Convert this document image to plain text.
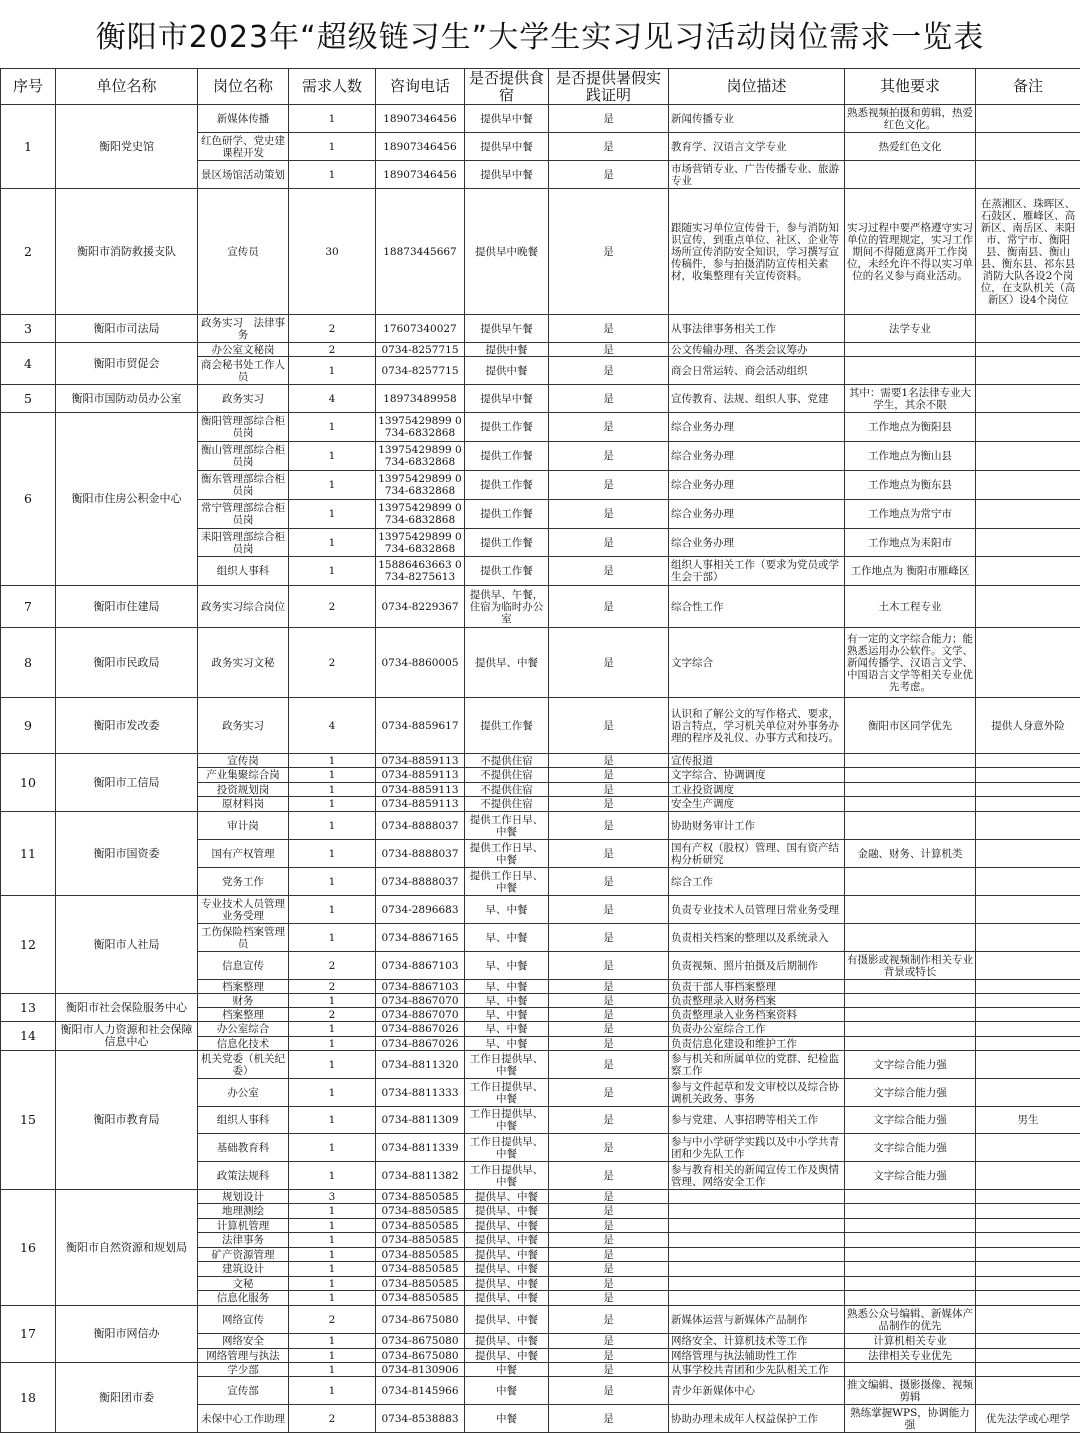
衡阳市2023年“超级链习生”大学生实习见习活动岗位需求一览表
序号	单位名称	岗位名称	需求人数	咨询电话	是否提供食宿	是否提供暑假实践证明	岗位描述	其他要求	备注
1	衡阳党史馆	新媒体传播	1	18907346456	提供早中餐	是	新闻传播专业	熟悉视频拍摄和剪辑，热爱红色文化。	
		红色研学、党史建课程开发	1	18907346456	提供早中餐	是	教育学、汉语言文学专业	热爱红色文化	
		景区场馆活动策划	1	18907346456	提供早中餐	是	市场营销专业、广告传播专业、旅游专业		
2	衡阳市消防救援支队	宣传员	30	18873445667	提供早中晚餐	是	跟随实习单位宣传骨干，参与消防知识宣传，到重点单位、社区、企业等场所宣传消防安全知识，学习撰写宣传稿件，参与拍摄消防宣传相关素材，收集整理有关宣传资料。	实习过程中要严格遵守实习单位的管理规定，实习工作期间不得随意离开工作岗位，未经允许不得以实习单位的名义参与商业活动。	在蒸湘区、珠晖区、石鼓区、雁峰区、高新区、南岳区、耒阳市、常宁市、衡阳县、衡南县、衡山县、衡东县、祁东县消防大队各设2个岗位，在支队机关（高新区）设4个岗位
3	衡阳市司法局	政务实习　法律事务	2	17607340027	提供早午餐	是	从事法律事务相关工作	法学专业	
4	衡阳市贸促会	办公室文秘岗	2	0734-8257715	提供中餐	是	公文传输办理、各类会议筹办		
		商会秘书处工作人员	1	0734-8257715	提供中餐	是	商会日常运转、商会活动组织		
5	衡阳市国防动员办公室	政务实习	4	18973489958	提供早中餐	是	宣传教育、法规、组织人事、党建	其中：需要1名法律专业大学生，其余不限	
6	衡阳市住房公积金中心	衡阳管理部综合柜员岗	1	13975429899 0734-6832868	提供工作餐	是	综合业务办理	工作地点为衡阳县	
		衡山管理部综合柜员岗	1	13975429899 0734-6832868	提供工作餐	是	综合业务办理	工作地点为衡山县	
		衡东管理部综合柜员岗	1	13975429899 0734-6832868	提供工作餐	是	综合业务办理	工作地点为衡东县	
		常宁管理部综合柜员岗	1	13975429899 0734-6832868	提供工作餐	是	综合业务办理	工作地点为常宁市	
		耒阳管理部综合柜员岗	1	13975429899 0734-6832868	提供工作餐	是	综合业务办理	工作地点为耒阳市	
		组织人事科	1	15886463663 0734-8275613	提供工作餐	是	组织人事相关工作（要求为党员或学生会干部）	工作地点为 衡阳市雁峰区	
7	衡阳市住建局	政务实习综合岗位	2	0734-8229367	提供早、午餐，住宿为临时办公室	是	综合性工作	土木工程专业	
8	衡阳市民政局	政务实习文秘	2	0734-8860005	提供早、中餐	是	文字综合	有一定的文字综合能力；能熟悉运用办公软件。文学、新闻传播学、汉语言文学、中国语言文学等相关专业优先考虑。	
9	衡阳市发改委	政务实习	4	0734-8859617	提供工作餐	是	认识和了解公文的写作格式、要求，语言特点，学习机关单位对外事务办理的程序及礼仪、办事方式和技巧。	衡阳市区同学优先	提供人身意外险
10	衡阳市工信局	宣传岗	1	0734-8859113	不提供住宿	是	宣传报道		
		产业集聚综合岗	1	0734-8859113	不提供住宿	是	文字综合、协调调度		
		投资规划岗	1	0734-8859113	不提供住宿	是	工业投资调度		
		原材料岗	1	0734-8859113	不提供住宿	是	安全生产调度		
11	衡阳市国资委	审计岗	1	0734-8888037	提供工作日早、中餐	是	协助财务审计工作		
		国有产权管理	1	0734-8888037	提供工作日早、中餐	是	国有产权（股权）管理、国有资产结构分析研究	金融、财务、计算机类	
		党务工作	1	0734-8888037	提供工作日早、中餐	是	综合工作		
12	衡阳市人社局	专业技术人员管理业务受理	1	0734-2896683	早、中餐	是	负责专业技术人员管理日常业务受理		
		工伤保险档案管理员	1	0734-8867165	早、中餐	是	负责相关档案的整理以及系统录入		
		信息宣传	2	0734-8867103	早、中餐	是	负责视频、照片拍摄及后期制作	有摄影或视频制作相关专业背景或特长	
		档案整理	2	0734-8867103	早、中餐	是	负责干部人事档案整理		
13	衡阳市社会保险服务中心	财务	1	0734-8867070	早、中餐	是	负责整理录入财务档案		
		档案整理	2	0734-8867070	早、中餐	是	负责整理录入业务档案资料		
14	衡阳市人力资源和社会保障信息中心	办公室综合	1	0734-8867026	早、中餐	是	负责办公室综合工作		
		信息化技术	1	0734-8867026	早、中餐	是	负责信息化建设和维护工作		
15	衡阳市教育局	机关党委（机关纪委）	1	0734-8811320	工作日提供早、中餐	是	参与机关和所属单位的党群、纪检监察工作	文字综合能力强	
		办公室	1	0734-8811333	工作日提供早、中餐	是	参与文件起草和发文审校以及综合协调机关政务、事务	文字综合能力强	
		组织人事科	1	0734-8811309	工作日提供早、中餐	是	参与党建、人事招聘等相关工作	文字综合能力强	男生
		基础教育科	1	0734-8811339	工作日提供早、中餐	是	参与中小学研学实践以及中小学共青团和少先队工作	文字综合能力强	
		政策法规科	1	0734-8811382	工作日提供早、中餐	是	参与教育相关的新闻宣传工作及舆情管理、网络安全工作	文字综合能力强	
16	衡阳市自然资源和规划局	规划设计	3	0734-8850585	提供早、中餐	是			
		地理测绘	1	0734-8850585	提供早、中餐	是			
		计算机管理	1	0734-8850585	提供早、中餐	是			
		法律事务	1	0734-8850585	提供早、中餐	是			
		矿产资源管理	1	0734-8850585	提供早、中餐	是			
		建筑设计	1	0734-8850585	提供早、中餐	是			
		文秘	1	0734-8850585	提供早、中餐	是			
		信息化服务	1	0734-8850585	提供早、中餐	是			
17	衡阳市网信办	网络宣传	2	0734-8675080	提供早、中餐	是	新媒体运营与新媒体产品制作	熟悉公众号编辑、新媒体产品制作的优先	
		网络安全	1	0734-8675080	提供早、中餐	是	网络安全、计算机技术等工作	计算机相关专业	
		网络管理与执法	1	0734-8675080	提供早、中餐	是	网络管理与执法辅助性工作	法律相关专业优先	
18	衡阳团市委	学少部	1	0734-8130906	中餐	是	从事学校共青团和少先队相关工作		
		宣传部	1	0734-8145966	中餐	是	青少年新媒体中心	推文编辑、摄影摄像、视频剪辑	
		未保中心工作助理	2	0734-8538883	中餐	是	协助办理未成年人权益保护工作	熟练掌握WPS，协调能力强	优先法学或心理学
